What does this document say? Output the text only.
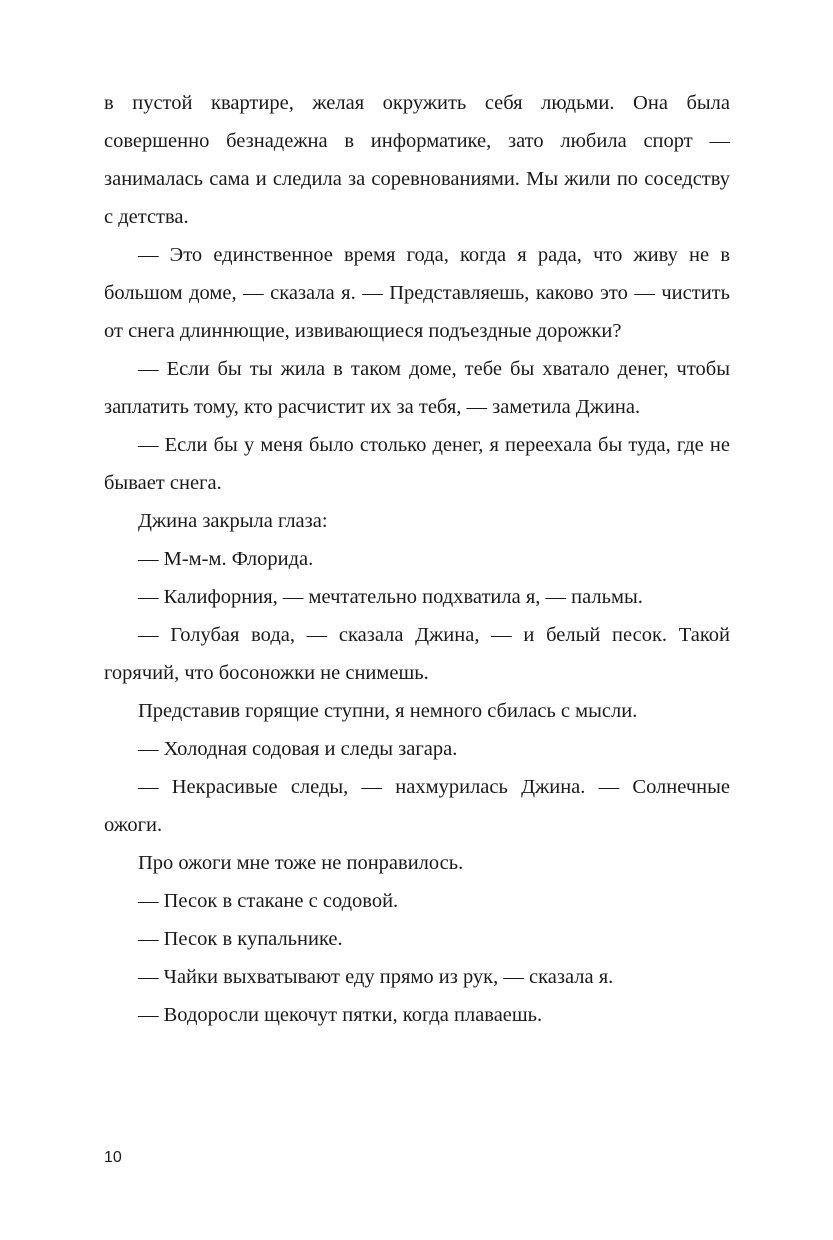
в пустой квартире, желая окружить себя людьми. Она была совершенно безнадежна в информатике, зато любила спорт — занималась сама и следила за соревнованиями. Мы жили по соседству с детства.

— Это единственное время года, когда я рада, что живу не в большом доме, — сказала я. — Представляешь, каково это — чистить от снега длиннющие, извивающиеся подъездные дорожки?

— Если бы ты жила в таком доме, тебе бы хватало денег, чтобы заплатить тому, кто расчистит их за тебя, — заметила Джина.

— Если бы у меня было столько денег, я переехала бы туда, где не бывает снега.

Джина закрыла глаза:

— М-м-м. Флорида.

— Калифорния, — мечтательно подхватила я, — пальмы.

— Голубая вода, — сказала Джина, — и белый песок. Такой горячий, что босоножки не снимешь.

Представив горящие ступни, я немного сбилась с мысли.

— Холодная содовая и следы загара.

— Некрасивые следы, — нахмурилась Джина. — Солнечные ожоги.

Про ожоги мне тоже не понравилось.

— Песок в стакане с содовой.

— Песок в купальнике.

— Чайки выхватывают еду прямо из рук, — сказала я.

— Водоросли щекочут пятки, когда плаваешь.

10
